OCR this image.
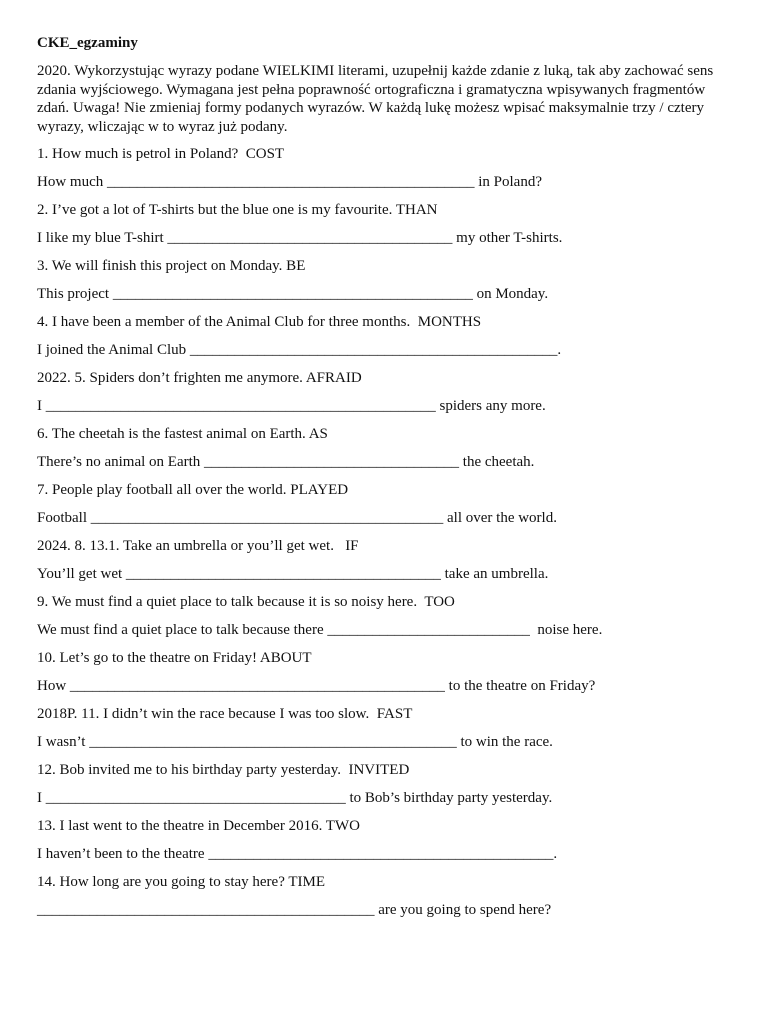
CKE_egzaminy
2020. Wykorzystując wyrazy podane WIELKIMI literami, uzupełnij każde zdanie z luką, tak aby zachować sens zdania wyjściowego. Wymagana jest pełna poprawność ortograficzna i gramatyczna wpisywanych fragmentów zdań. Uwaga! Nie zmieniaj formy podanych wyrazów. W każdą lukę możesz wpisać maksymalnie trzy / cztery wyrazy, wliczając w to wyraz już podany.
1. How much is petrol in Poland?  COST
How much _________________________________________________ in Poland?
2. I’ve got a lot of T-shirts but the blue one is my favourite. THAN
I like my blue T-shirt ______________________________________ my other T-shirts.
3. We will finish this project on Monday. BE
This project ________________________________________________ on Monday.
4. I have been a member of the Animal Club for three months.  MONTHS
I joined the Animal Club _________________________________________________.
2022. 5. Spiders don’t frighten me anymore. AFRAID
I ____________________________________________________ spiders any more.
6. The cheetah is the fastest animal on Earth. AS
There’s no animal on Earth __________________________________ the cheetah.
7. People play football all over the world. PLAYED
Football _______________________________________________ all over the world.
2024. 8. 13.1. Take an umbrella or you’ll get wet.   IF
You’ll get wet __________________________________________ take an umbrella.
9. We must find a quiet place to talk because it is so noisy here.  TOO
We must find a quiet place to talk because there ___________________________  noise here.
10. Let’s go to the theatre on Friday! ABOUT
How __________________________________________________ to the theatre on Friday?
2018P. 11. I didn’t win the race because I was too slow.  FAST
I wasn’t _________________________________________________ to win the race.
12. Bob invited me to his birthday party yesterday.  INVITED
I ________________________________________ to Bob’s birthday party yesterday.
13. I last went to the theatre in December 2016. TWO
I haven’t been to the theatre ______________________________________________.
14. How long are you going to stay here? TIME
_____________________________________________ are you going to spend here?
